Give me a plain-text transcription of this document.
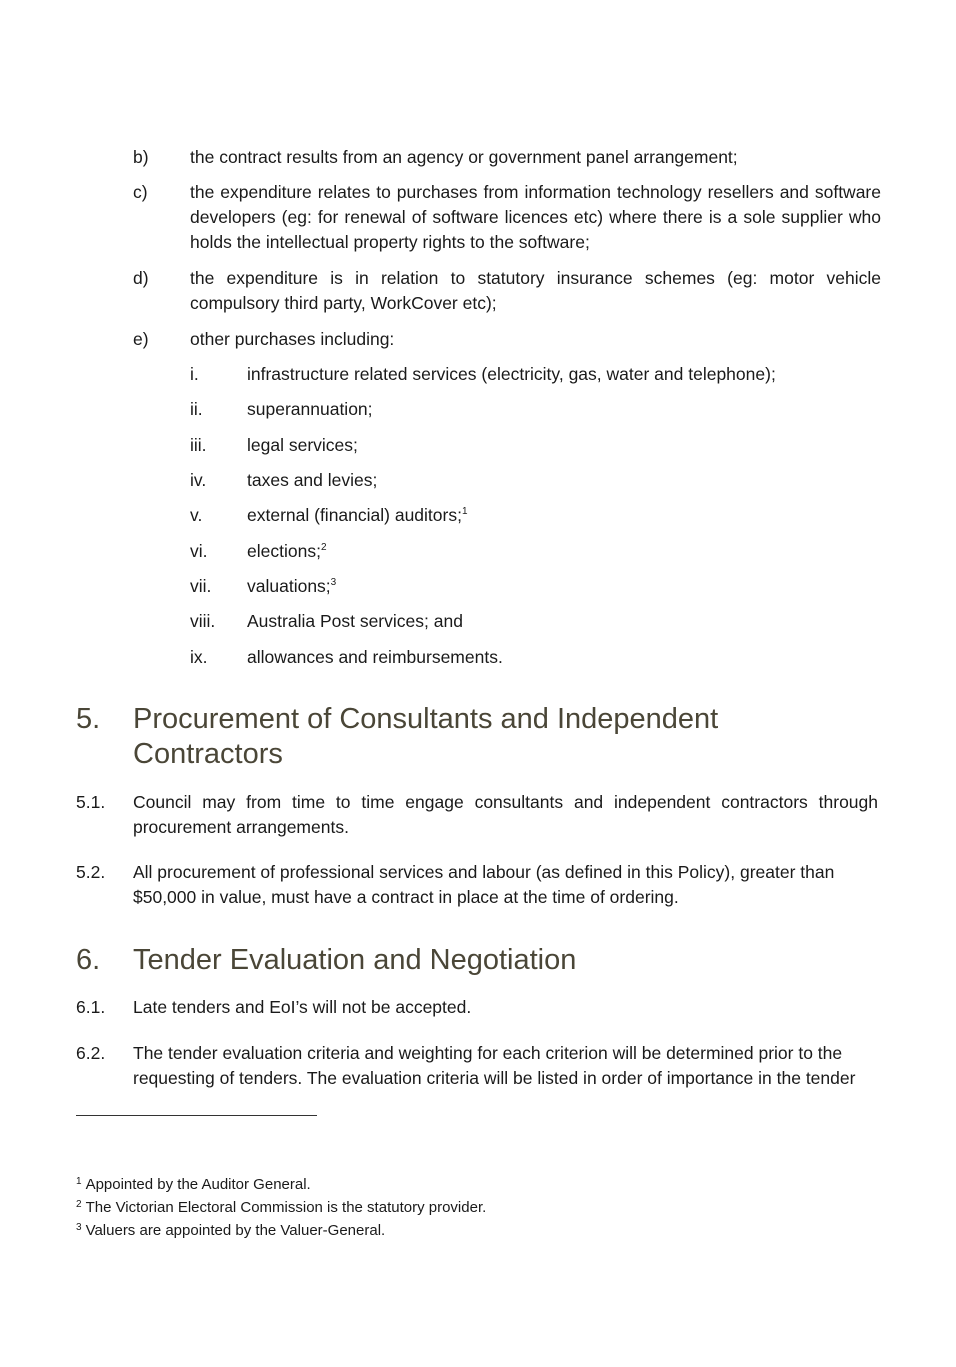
b) the contract results from an agency or government panel arrangement;
c) the expenditure relates to purchases from information technology resellers and software developers (eg: for renewal of software licences etc) where there is a sole supplier who holds the intellectual property rights to the software;
d) the expenditure is in relation to statutory insurance schemes (eg: motor vehicle compulsory third party, WorkCover etc);
e) other purchases including:
i.	infrastructure related services (electricity, gas, water and telephone);
ii.	superannuation;
iii. legal services;
iv. taxes and levies;
v.	external (financial) auditors;$^1$
vi. elections;$^2$
vii. valuations;$^3$
viii. Australia Post services; and
ix. allowances and reimbursements.
5. Procurement of Consultants and Independent Contractors
5.1. Council may from time to time engage consultants and independent contractors through procurement arrangements.
5.2. All procurement of professional services and labour (as defined in this Policy), greater than $50,000 in value, must have a contract in place at the time of ordering.
6. Tender Evaluation and Negotiation
6.1. Late tenders and EoI’s will not be accepted.
6.2. The tender evaluation criteria and weighting for each criterion will be determined prior to the requesting of tenders. The evaluation criteria will be listed in order of importance in the tender
$^1$ Appointed by the Auditor General.
$^2$ The Victorian Electoral Commission is the statutory provider.
$^3$ Valuers are appointed by the Valuer-General.
